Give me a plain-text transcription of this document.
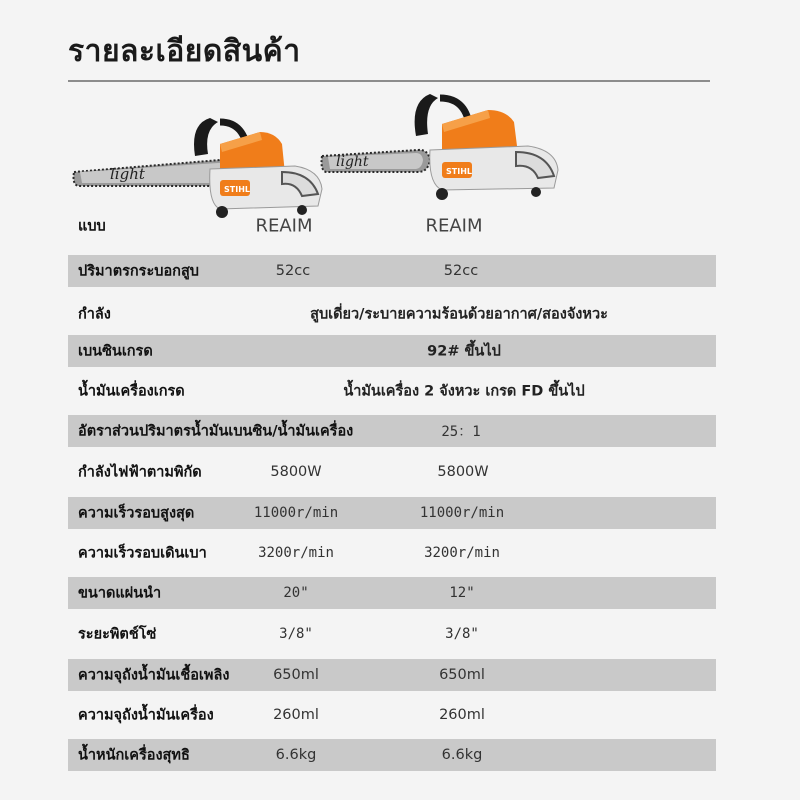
รายละเอียดสินค้า
light
STIHL
light
STIHL
แบบ	REAIM	REAIM
ปริมาตรกระบอกสูบ	52cc	52cc
กำลัง	สูบเดี่ยว/ระบายความร้อนด้วยอากาศ/สองจังหวะ
เบนซินเกรด	92# ขึ้นไป
น้ำมันเครื่องเกรด	น้ำมันเครื่อง 2 จังหวะ เกรด FD ขึ้นไป
อัตราส่วนปริมาตรน้ำมันเบนซิน/น้ำมันเครื่อง	25：1
กำลังไฟฟ้าตามพิกัด	5800W	5800W
ความเร็วรอบสูงสุด	11000r/min	11000r/min
ความเร็วรอบเดินเบา	3200r/min	3200r/min
ขนาดแผ่นนำ	20"	12"
ระยะพิตช์โซ่	3/8"	3/8"
ความจุถังน้ำมันเชื้อเพลิง	650ml	650ml
ความจุถังน้ำมันเครื่อง	260ml	260ml
น้ำหนักเครื่องสุทธิ	6.6kg	6.6kg
